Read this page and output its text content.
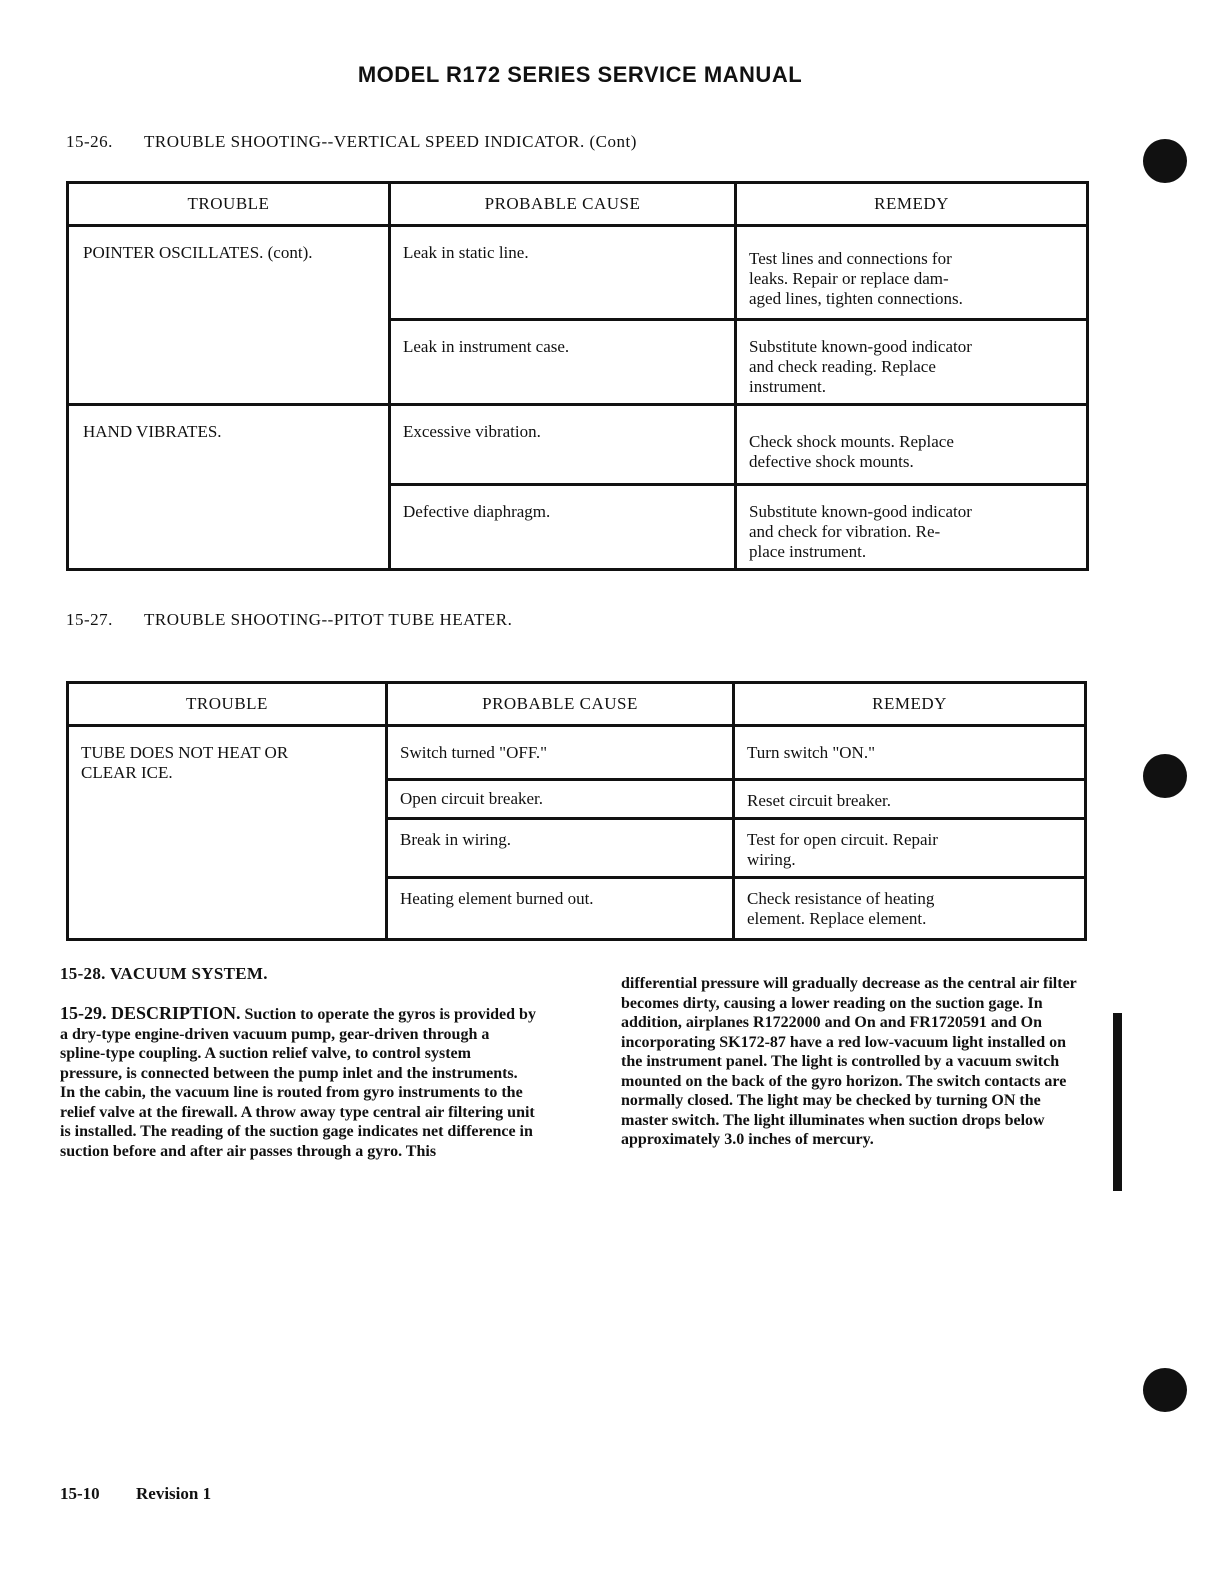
MODEL R172 SERIES SERVICE MANUAL
15-26. TROUBLE SHOOTING--VERTICAL SPEED INDICATOR. (Cont)
TROUBLE	PROBABLE CAUSE	REMEDY
POINTER OSCILLATES. (cont).	Leak in static line.	Test lines and connections for
leaks. Repair or replace dam-
aged lines, tighten connections.
	Leak in instrument case.	Substitute known-good indicator
and check reading. Replace
instrument.
HAND VIBRATES.	Excessive vibration.	Check shock mounts. Replace
defective shock mounts.
	Defective diaphragm.	Substitute known-good indicator
and check for vibration. Re-
place instrument.
15-27. TROUBLE SHOOTING--PITOT TUBE HEATER.
TROUBLE	PROBABLE CAUSE	REMEDY
TUBE DOES NOT HEAT OR
CLEAR ICE.	Switch turned "OFF."	Turn switch "ON."
	Open circuit breaker.	Reset circuit breaker.
	Break in wiring.	Test for open circuit. Repair
wiring.
	Heating element burned out.	Check resistance of heating
element. Replace element.
15-28. VACUUM SYSTEM.

15-29. DESCRIPTION. Suction to operate the gyros is provided by a dry-type engine-driven vacuum pump, gear-driven through a spline-type coupling. A suction relief valve, to control system pressure, is connected between the pump inlet and the instruments. In the cabin, the vacuum line is routed from gyro instruments to the relief valve at the firewall. A throw away type central air filtering unit is installed. The reading of the suction gage indicates net difference in suction before and after air passes through a gyro. This

differential pressure will gradually decrease as the central air filter becomes dirty, causing a lower reading on the suction gage. In addition, airplanes R1722000 and On and FR1720591 and On incorporating SK172-87 have a red low-vacuum light installed on the instrument panel. The light is controlled by a vacuum switch mounted on the back of the gyro horizon. The switch contacts are normally closed. The light may be checked by turning ON the master switch. The light illuminates when suction drops below approximately 3.0 inches of mercury.

15-10 Revision 1
